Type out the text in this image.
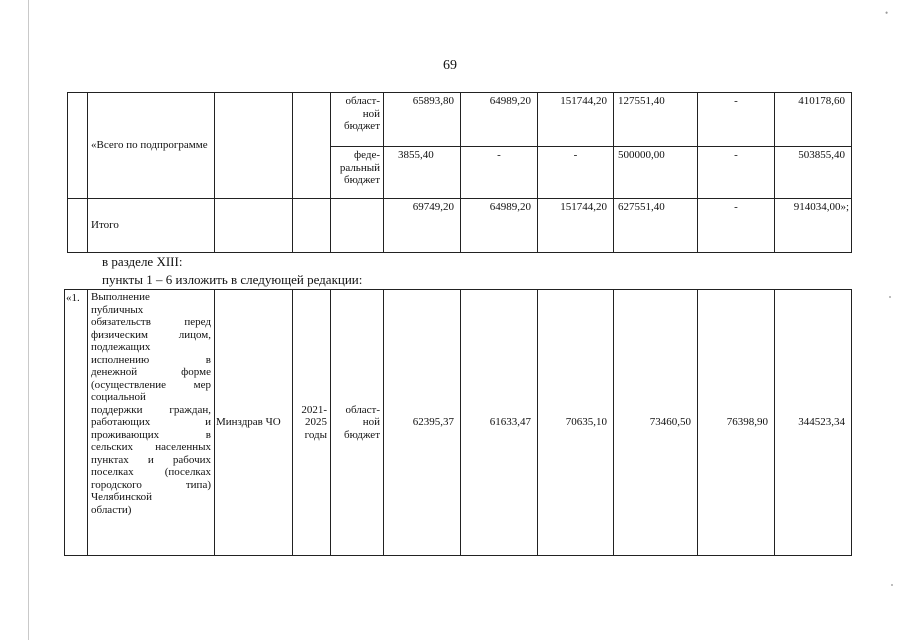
•
69
	«Всего по подпрограмме			област-ной бюджет	65893,80	64989,20	151744,20	127551,40	-	410178,60
				феде-ральный бюджет	3855,40	-	-	500000,00	-	503855,40
	Итого				69749,20	64989,20	151744,20	627551,40	-	914034,00»;
в разделе XIII:
пункты 1 – 6 изложить в следующей редакции:
«1.	Выполнение
публичных
обязательств перед
физическим лицом,
подлежащих
исполнению в
денежной форме
(осуществление мер
социальной
поддержки граждан,
работающих и
проживающих в
сельских населенных
пунктах и рабочих
поселках (поселках
городского типа)
Челябинской
области)
	Минздрав ЧО	2021-2025 годы	област-ной бюджет	62395,37	61633,47	70635,10	73460,50	76398,90	344523,34
